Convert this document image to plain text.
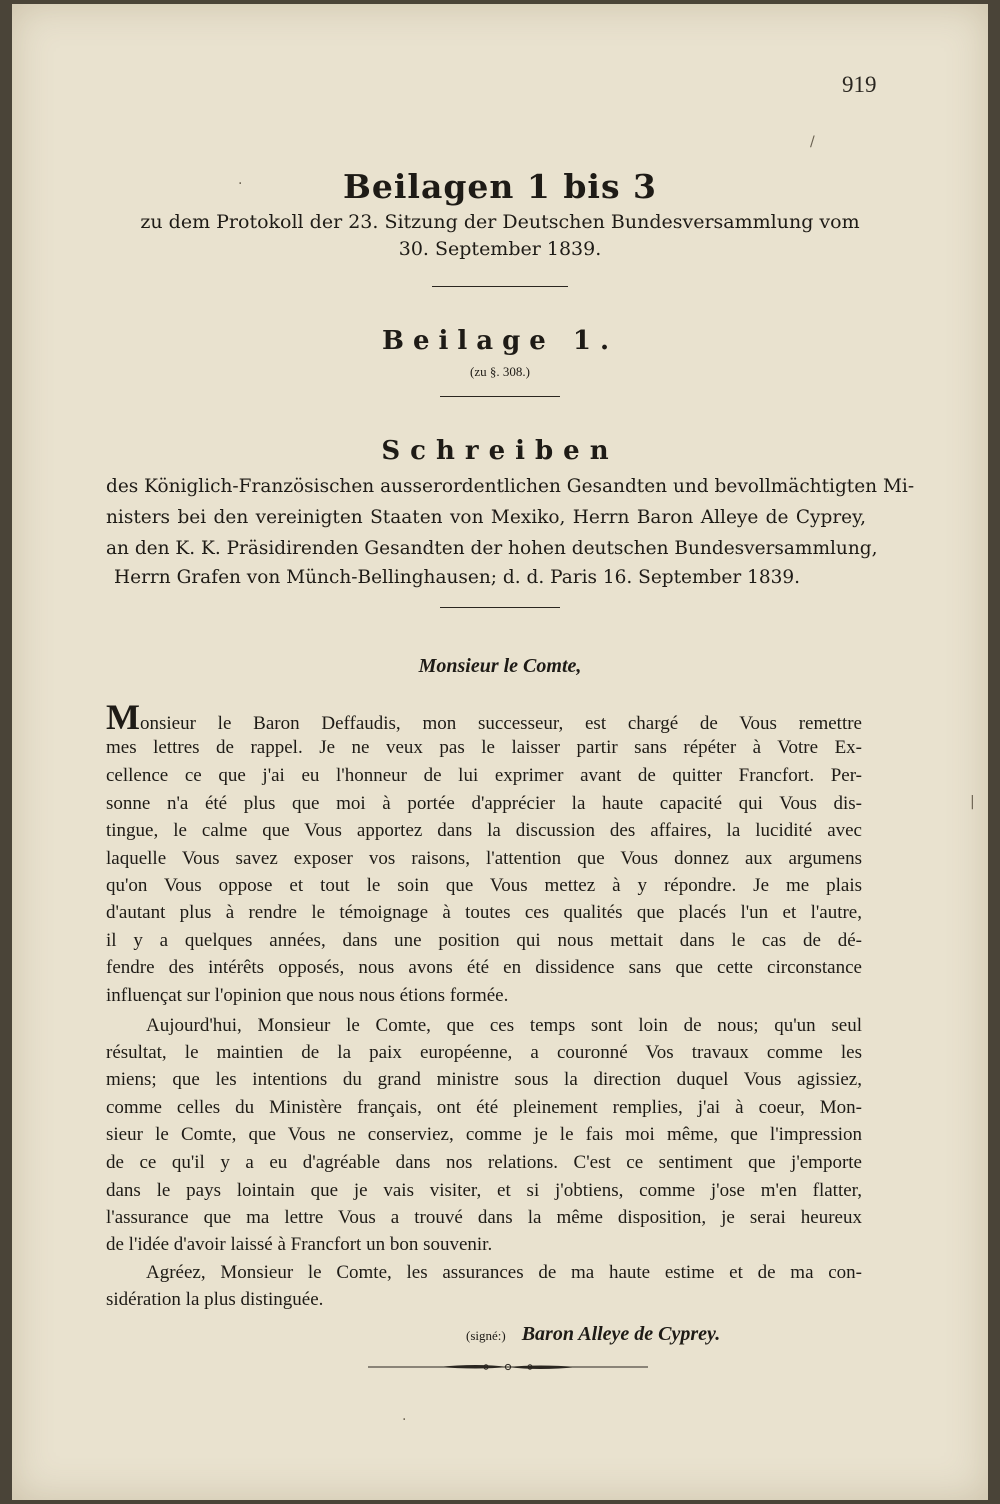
919
Beilagen 1 bis 3
zu dem Protokoll der 23. Sitzung der Deutschen Bundesversammlung vom
30. September 1839.
Beilage 1.
(zu §. 308.)
Schreiben
des Königlich-Französischen ausserordentlichen Gesandten und bevollmächtigten Mi-
nisters bei den vereinigten Staaten von Mexiko, Herrn Baron Alleye de Cyprey,
an den K. K. Präsidirenden Gesandten der hohen deutschen Bundesversammlung,
Herrn Grafen von Münch-Bellinghausen; d. d. Paris 16. September 1839.
Monsieur le Comte,
Monsieur le Baron Deffaudis, mon successeur, est chargé de Vous remettre
mes lettres de rappel. Je ne veux pas le laisser partir sans répéter à Votre Ex-
cellence ce que j'ai eu l'honneur de lui exprimer avant de quitter Francfort. Per-
sonne n'a été plus que moi à portée d'apprécier la haute capacité qui Vous dis-
tingue, le calme que Vous apportez dans la discussion des affaires, la lucidité avec
laquelle Vous savez exposer vos raisons, l'attention que Vous donnez aux argumens
qu'on Vous oppose et tout le soin que Vous mettez à y répondre. Je me plais
d'autant plus à rendre le témoignage à toutes ces qualités que placés l'un et l'autre,
il y a quelques années, dans une position qui nous mettait dans le cas de dé-
fendre des intérêts opposés, nous avons été en dissidence sans que cette circonstance
influençat sur l'opinion que nous nous étions formée.
Aujourd'hui, Monsieur le Comte, que ces temps sont loin de nous; qu'un seul
résultat, le maintien de la paix européenne, a couronné Vos travaux comme les
miens; que les intentions du grand ministre sous la direction duquel Vous agissiez,
comme celles du Ministère français, ont été pleinement remplies, j'ai à coeur, Mon-
sieur le Comte, que Vous ne conserviez, comme je le fais moi même, que l'impression
de ce qu'il y a eu d'agréable dans nos relations. C'est ce sentiment que j'emporte
dans le pays lointain que je vais visiter, et si j'obtiens, comme j'ose m'en flatter,
l'assurance que ma lettre Vous a trouvé dans la même disposition, je serai heureux
de l'idée d'avoir laissé à Francfort un bon souvenir.
Agréez, Monsieur le Comte, les assurances de ma haute estime et de ma con-
sidération la plus distinguée.
(signé:) Baron Alleye de Cyprey.
/
·
|
·
